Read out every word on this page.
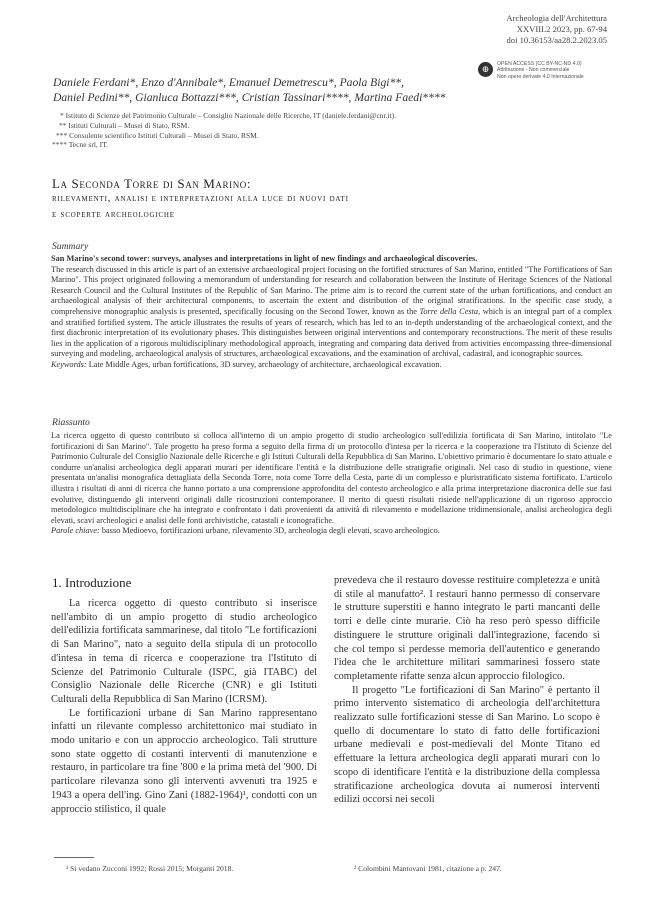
Archeologia dell'Architettura
XXVIII.2 2023, pp. 67-94
doi 10.36153/aa28.2.2023.05
⊕	OPEN ACCESS (CC BY-NC-ND 4.0)
Attribuzione - Non commerciale
Non opere derivate 4.0 Internazionale
Daniele Ferdani*, Enzo d'Annibale*, Emanuel Demetrescu*, Paola Bigi**,
Daniel Pedini**, Gianluca Bottazzi***, Cristian Tassinari****, Martina Faedi****
* Istituto di Scienze del Patrimonio Culturale – Consiglio Nazionale delle Ricerche, IT (daniele.ferdani@cnr.it).
** Istituti Culturali – Musei di Stato, RSM.
*** Consulente scientifico Istituti Culturali – Musei di Stato, RSM.
**** Tecne srl, IT.
La Seconda Torre di San Marino:
rilevamenti, analisi e interpretazioni alla luce di nuovi dati
e scoperte archeologiche
Summary
San Marino's second tower: surveys, analyses and interpretations in light of new findings and archaeological discoveries.
The research discussed in this article is part of an extensive archaeological project focusing on the fortified structures of San Marino, entitled "The Fortifications of San Marino". This project originated following a memorandum of understanding for research and collaboration between the Institute of Heritage Sciences of the National Research Council and the Cultural Institutes of the Republic of San Marino. The prime aim is to record the current state of the urban fortifications, and conduct an archaeological analysis of their architectural components, to ascertain the extent and distribution of the original stratifications. In the specific case study, a comprehensive monographic analysis is presented, specifically focusing on the Second Tower, known as the Torre della Cesta, which is an integral part of a complex and stratified fortified system. The article illustrates the results of years of research, which has led to an in-depth understanding of the archaeological context, and the first diachronic interpretation of its evolutionary phases. This distinguishes between original interventions and contemporary reconstructions. The merit of these results lies in the application of a rigorous multidisciplinary methodological approach, integrating and comparing data derived from activities encompassing three-dimensional surveying and modeling, archaeological analysis of structures, archaeological excavations, and the examination of archival, cadastral, and iconographic sources.
Keywords: Late Middle Ages, urban fortifications, 3D survey, archaeology of architecture, archaeological excavation.
Riassunto
La ricerca oggetto di questo contributo si colloca all'interno di un ampio progetto di studio archeologico sull'edilizia fortificata di San Marino, intitolato "Le fortificazioni di San Marino". Tale progetto ha preso forma a seguito della firma di un protocollo d'intesa per la ricerca e la cooperazione tra l'Istituto di Scienze del Patrimonio Culturale del Consiglio Nazionale delle Ricerche e gli Istituti Culturali della Repubblica di San Marino. L'obiettivo primario è documentare lo stato attuale e condurre un'analisi archeologica degli apparati murari per identificare l'entità e la distribuzione delle stratigrafie originali. Nel caso di studio in questione, viene presentata un'analisi monografica dettagliata della Seconda Torre, nota come Torre della Cesta, parte di un complesso e pluristratificato sistema fortificato. L'articolo illustra i risultati di anni di ricerca che hanno portato a una comprensione approfondita del contesto archeologico e alla prima interpretazione diacronica delle sue fasi evolutive, distinguendo gli interventi originali dalle ricostruzioni contemporanee. Il merito di questi risultati risiede nell'applicazione di un rigoroso approccio metodologico multidisciplinare che ha integrato e confrontato i dati provenienti da attività di rilevamento e modellazione tridimensionale, analisi archeologica degli elevati, scavi archeologici e analisi delle fonti archivistiche, catastali e iconografiche.
Parole chiave: basso Medioevo, fortificazioni urbane, rilevamento 3D, archeologia degli elevati, scavo archeologico.
1. Introduzione

La ricerca oggetto di questo contributo si inserisce nell'ambito di un ampio progetto di studio archeologico dell'edilizia fortificata sammarinese, dal titolo "Le fortificazioni di San Marino", nato a seguito della stipula di un protocollo d'intesa in tema di ricerca e cooperazione tra l'Istituto di Scienze del Patrimonio Culturale (ISPC, già ITABC) del Consiglio Nazionale delle Ricerche (CNR) e gli Istituti Culturali della Repubblica di San Marino (ICRSM).

Le fortificazioni urbane di San Marino rappresentano infatti un rilevante complesso architettonico mai studiato in modo unitario e con un approccio archeologico. Tali strutture sono state oggetto di costanti interventi di manutenzione e restauro, in particolare tra fine '800 e la prima metà del '900. Di particolare rilevanza sono gli interventi avvenuti tra 1925 e 1943 a opera dell'ing. Gino Zani (1882-1964)¹, condotti con un approccio stilistico, il quale

prevedeva che il restauro dovesse restituire completezza e unità di stile al manufatto². I restauri hanno permesso di conservare le strutture superstiti e hanno integrato le parti mancanti delle torri e delle cinte murarie. Ciò ha reso però spesso difficile distinguere le strutture originali dall'integrazione, facendo sì che col tempo si perdesse memoria dell'autentico e generando l'idea che le architetture militari sammarinesi fossero state completamente rifatte senza alcun approccio filologico.

Il progetto "Le fortificazioni di San Marino" è pertanto il primo intervento sistematico di archeologia dell'architettura realizzato sulle fortificazioni stesse di San Marino. Lo scopo è quello di documentare lo stato di fatto delle fortificazioni urbane medievali e post-medievali del Monte Titano ed effettuare la lettura archeologica degli apparati murari con lo scopo di identificare l'entità e la distribuzione della complessa stratificazione archeologica dovuta ai numerosi interventi edilizi occorsi nei secoli

¹ Si vedano Zucconi 1992; Rossi 2015; Morganti 2018.	² Colombini Mantovani 1981, citazione a p. 247.
